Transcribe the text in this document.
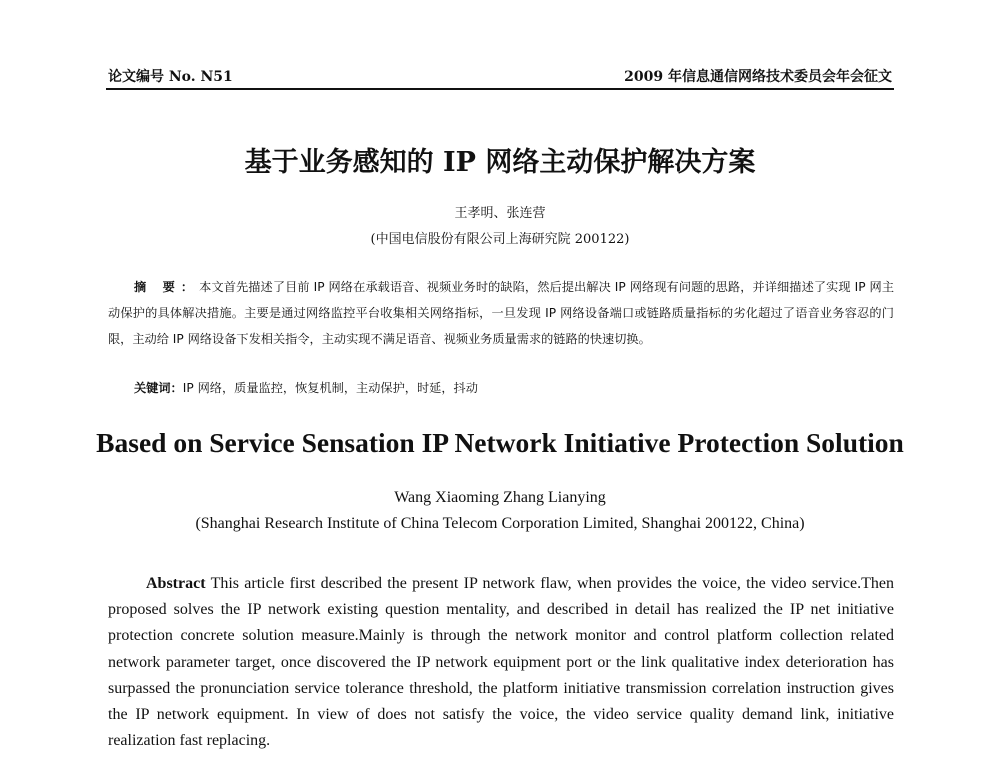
论文编号 No. N51	2009 年信息通信网络技术委员会年会征文
基于业务感知的 IP 网络主动保护解决方案
王孝明、张连营
(中国电信股份有限公司上海研究院 200122)

摘 要：本文首先描述了目前 IP 网络在承载语音、视频业务时的缺陷，然后提出解决 IP 网络现有问题的思路，并详细描述了实现 IP 网主动保护的具体解决措施。主要是通过网络监控平台收集相关网络指标，一旦发现 IP 网络设备端口或链路质量指标的劣化超过了语音业务容忍的门限，主动给 IP 网络设备下发相关指令，主动实现不满足语音、视频业务质量需求的链路的快速切换。

关键词：IP 网络，质量监控，恢复机制，主动保护，时延，抖动

Based on Service Sensation IP Network Initiative Protection Solution
Wang Xiaoming Zhang Lianying
(Shanghai Research Institute of China Telecom Corporation Limited, Shanghai 200122, China)

Abstract This article first described the present IP network flaw, when provides the voice, the video service.Then proposed solves the IP network existing question mentality, and described in detail has realized the IP net initiative protection concrete solution measure.Mainly is through the network monitor and control platform collection related network parameter target, once discovered the IP network equipment port or the link qualitative index deterioration has surpassed the pronunciation service tolerance threshold, the platform initiative transmission correlation instruction gives the IP network equipment. In view of does not satisfy the voice, the video service quality demand link, initiative realization fast replacing.
